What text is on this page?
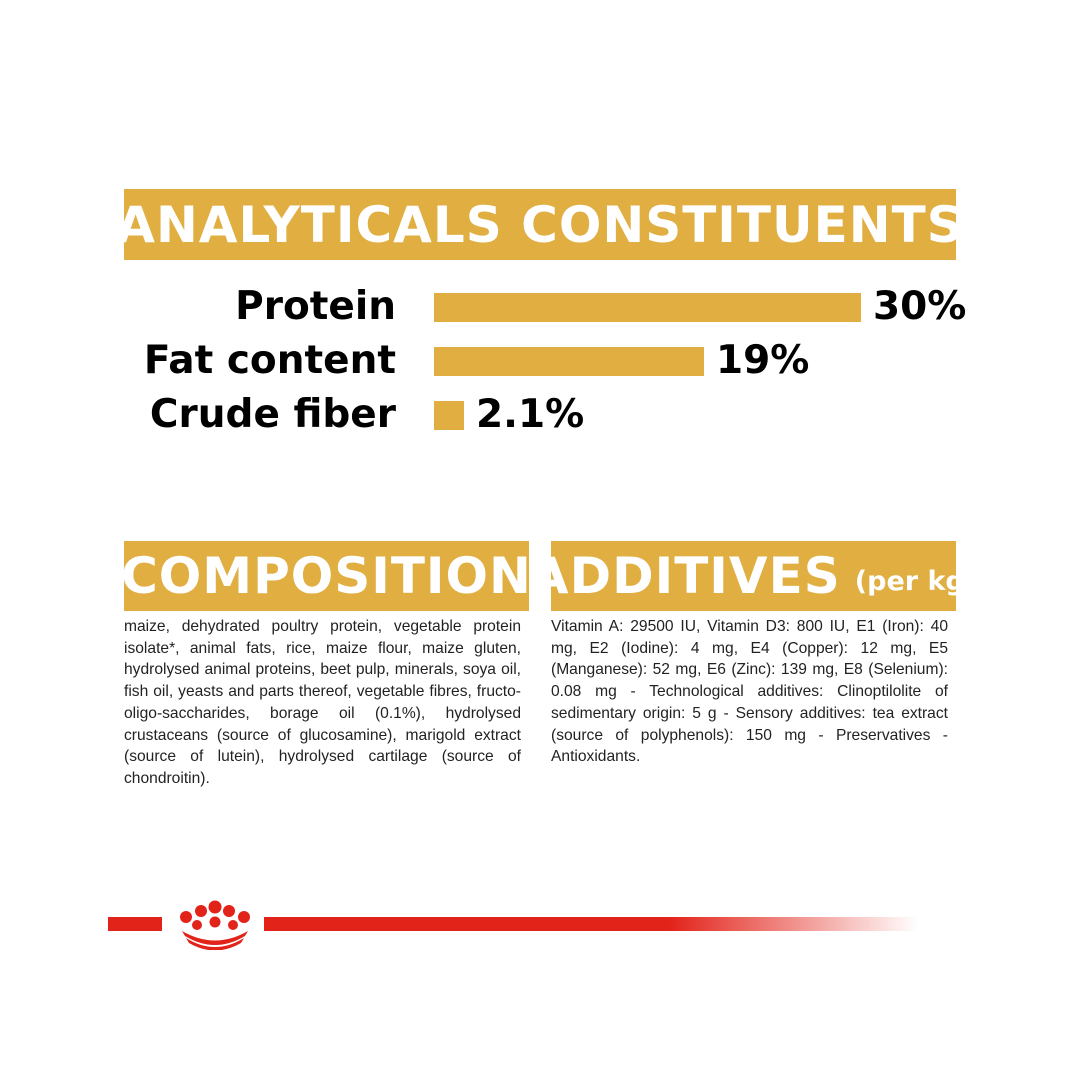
ANALYTICALS CONSTITUENTS
Protein	30%
Fat content	19%
Crude fiber 2.1%
COMPOSITION
maize, dehydrated poultry protein, vegetable protein isolate*, animal fats, rice, maize flour, maize gluten, hydrolysed animal proteins, beet pulp, minerals, soya oil, fish oil, yeasts and parts thereof, vegetable fibres, fructo-oligo-saccharides, borage oil (0.1%), hydrolysed crustaceans (source of glucosamine), marigold extract (source of lutein), hydrolysed cartilage (source of chondroitin).
ADDITIVES (per kg)
Vitamin A: 29500 IU, Vitamin D3: 800 IU, E1 (Iron): 40 mg, E2 (Iodine): 4 mg, E4 (Copper): 12 mg, E5 (Manganese): 52 mg, E6 (Zinc): 139 mg, E8 (Selenium): 0.08 mg - Technological additives: Clinoptilolite of sedimentary origin: 5 g - Sensory additives: tea extract (source of polyphenols): 150 mg - Preservatives - Antioxidants.
